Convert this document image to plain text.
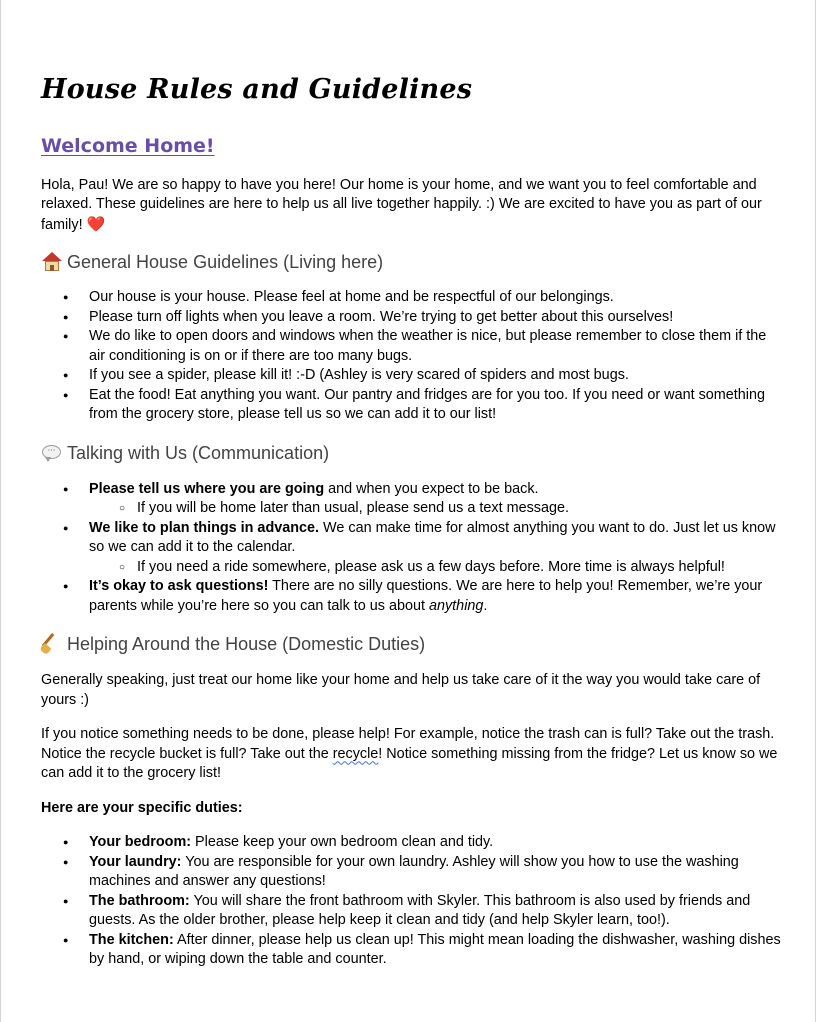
House Rules and Guidelines
Welcome Home!

Hola, Pau! We are so happy to have you here! Our home is your home, and we want you to feel comfortable and relaxed. These guidelines are here to help us all live together happily. :) We are excited to have you as part of our family! ❤️

General House Guidelines (Living here)
● Our house is your house. Please feel at home and be respectful of our belongings.
● Please turn off lights when you leave a room. We’re trying to get better about this ourselves!
● We do like to open doors and windows when the weather is nice, but please remember to close them if the air conditioning is on or if there are too many bugs.
● If you see a spider, please kill it! :-D (Ashley is very scared of spiders and most bugs.
● Eat the food! Eat anything you want. Our pantry and fridges are for you too. If you need or want something from the grocery store, please tell us so we can add it to our list!
··· Talking with Us (Communication)
● Please tell us where you are going and when you expect to be back.
○ If you will be home later than usual, please send us a text message.
● We like to plan things in advance. We can make time for almost anything you want to do. Just let us know so we can add it to the calendar.
○ If you need a ride somewhere, please ask us a few days before. More time is always helpful!
● It’s okay to ask questions! There are no silly questions. We are here to help you! Remember, we’re your parents while you’re here so you can talk to us about anything.
Helping Around the House (Domestic Duties)

Generally speaking, just treat our home like your home and help us take care of it the way you would take care of yours :)

If you notice something needs to be done, please help! For example, notice the trash can is full? Take out the trash. Notice the recycle bucket is full? Take out the recycle! Notice something missing from the fridge? Let us know so we can add it to the grocery list!

Here are your specific duties:

● Your bedroom: Please keep your own bedroom clean and tidy.
● Your laundry: You are responsible for your own laundry. Ashley will show you how to use the washing machines and answer any questions!
● The bathroom: You will share the front bathroom with Skyler. This bathroom is also used by friends and guests. As the older brother, please help keep it clean and tidy (and help Skyler learn, too!).
● The kitchen: After dinner, please help us clean up! This might mean loading the dishwasher, washing dishes by hand, or wiping down the table and counter.
